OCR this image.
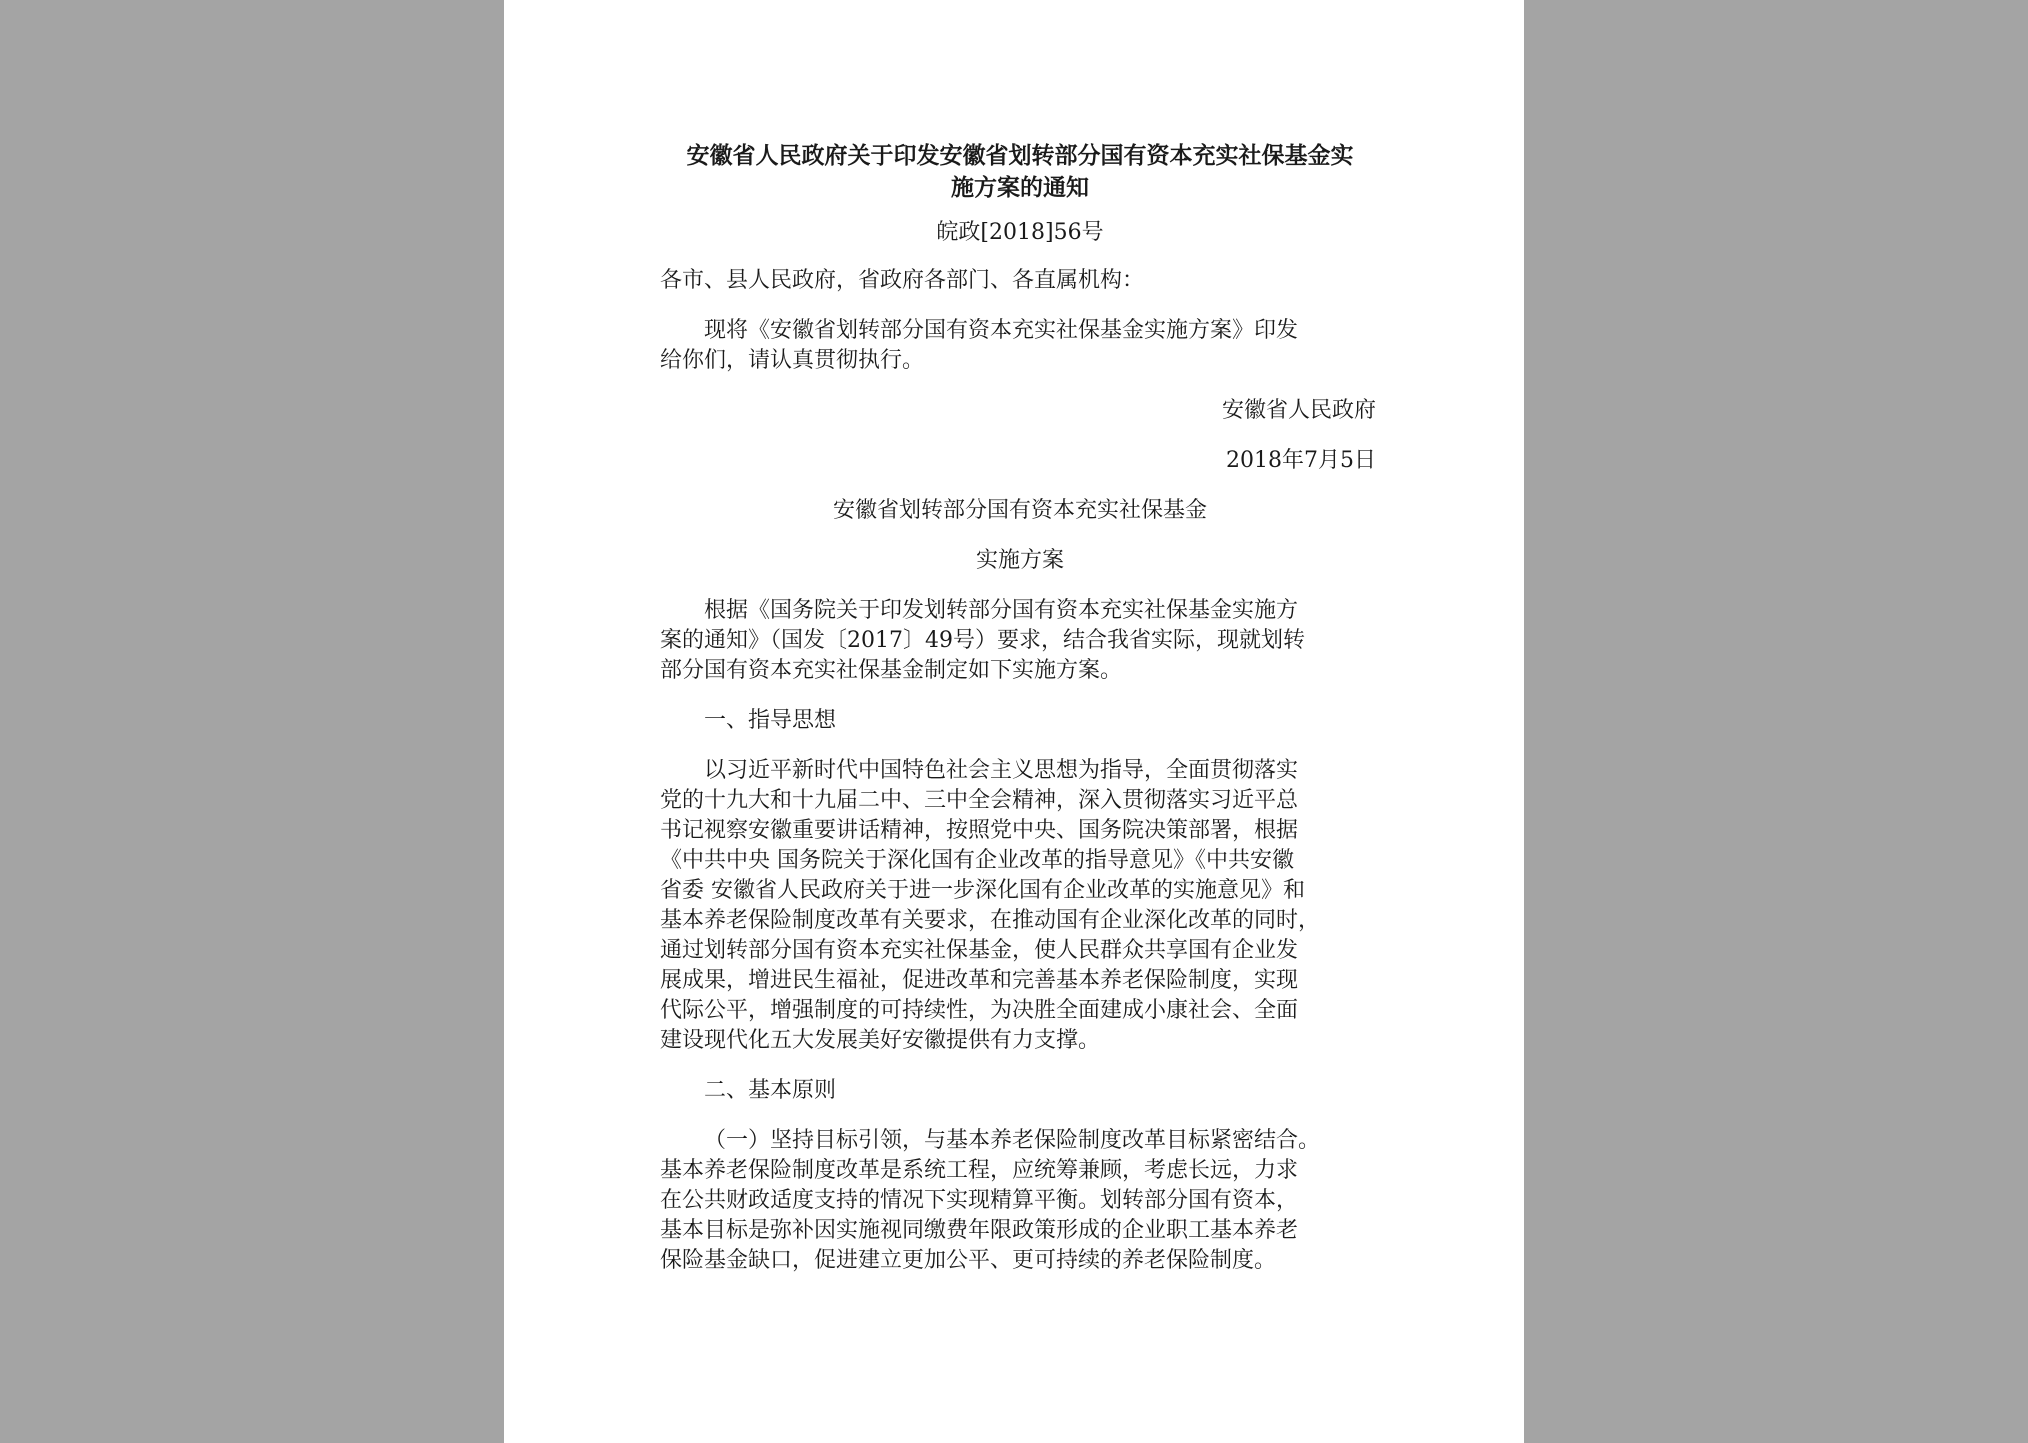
安徽省人民政府关于印发安徽省划转部分国有资本充实社保基金实
施方案的通知
皖政[2018]56号
各市、县人民政府，省政府各部门、各直属机构：
现将《安徽省划转部分国有资本充实社保基金实施方案》印发
给你们，请认真贯彻执行。
安徽省人民政府
2018年7月5日
安徽省划转部分国有资本充实社保基金
实施方案
根据《国务院关于印发划转部分国有资本充实社保基金实施方
案的通知》（国发〔2017〕49号）要求，结合我省实际，现就划转
部分国有资本充实社保基金制定如下实施方案。
一、指导思想
以习近平新时代中国特色社会主义思想为指导，全面贯彻落实
党的十九大和十九届二中、三中全会精神，深入贯彻落实习近平总
书记视察安徽重要讲话精神，按照党中央、国务院决策部署，根据
《中共中央 国务院关于深化国有企业改革的指导意见》《中共安徽
省委 安徽省人民政府关于进一步深化国有企业改革的实施意见》和
基本养老保险制度改革有关要求，在推动国有企业深化改革的同时，
通过划转部分国有资本充实社保基金，使人民群众共享国有企业发
展成果，增进民生福祉，促进改革和完善基本养老保险制度，实现
代际公平，增强制度的可持续性，为决胜全面建成小康社会、全面
建设现代化五大发展美好安徽提供有力支撑。
二、基本原则
（一）坚持目标引领，与基本养老保险制度改革目标紧密结合。
基本养老保险制度改革是系统工程，应统筹兼顾，考虑长远，力求
在公共财政适度支持的情况下实现精算平衡。划转部分国有资本，
基本目标是弥补因实施视同缴费年限政策形成的企业职工基本养老
保险基金缺口，促进建立更加公平、更可持续的养老保险制度。
